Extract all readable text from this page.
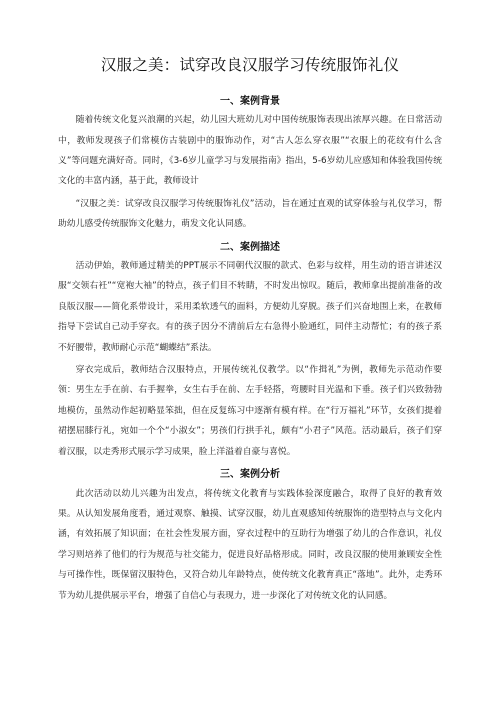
汉服之美：试穿改良汉服学习传统服饰礼仪
一、案例背景

随着传统文化复兴浪潮的兴起，幼儿园大班幼儿对中国传统服饰表现出浓厚兴趣。在日常活动中，教师发现孩子们常模仿古装剧中的服饰动作，对“古人怎么穿衣服”“衣服上的花纹有什么含义”等问题充满好奇。同时，《3-6岁儿童学习与发展指南》指出，5-6岁幼儿应感知和体验我国传统文化的丰富内涵，基于此，教师设计

“汉服之美：试穿改良汉服学习传统服饰礼仪”活动，旨在通过直观的试穿体验与礼仪学习，帮助幼儿感受传统服饰文化魅力，萌发文化认同感。

二、案例描述

活动伊始，教师通过精美的PPT展示不同朝代汉服的款式、色彩与纹样，用生动的语言讲述汉服“交领右衽”“宽袍大袖”的特点，孩子们目不转睛，不时发出惊叹。随后，教师拿出提前准备的改良版汉服——简化系带设计，采用柔软透气的面料，方便幼儿穿脱。孩子们兴奋地围上来，在教师指导下尝试自己动手穿衣。有的孩子因分不清前后左右急得小脸通红，同伴主动帮忙；有的孩子系不好腰带，教师耐心示范“蝴蝶结”系法。

穿衣完成后，教师结合汉服特点，开展传统礼仪教学。以“作揖礼”为例，教师先示范动作要领：男生左手在前、右手握拳，女生右手在前、左手轻搭，弯腰时目光温和下垂。孩子们兴致勃勃地模仿，虽然动作起初略显笨拙，但在反复练习中逐渐有模有样。在“行万福礼”环节，女孩们提着裙摆屈膝行礼，宛如一个个“小淑女”；男孩们行拱手礼，颇有“小君子”风范。活动最后，孩子们穿着汉服，以走秀形式展示学习成果，脸上洋溢着自豪与喜悦。

三、案例分析

此次活动以幼儿兴趣为出发点，将传统文化教育与实践体验深度融合，取得了良好的教育效果。从认知发展角度看，通过观察、触摸、试穿汉服，幼儿直观感知传统服饰的造型特点与文化内涵，有效拓展了知识面；在社会性发展方面，穿衣过程中的互助行为增强了幼儿的合作意识，礼仪学习则培养了他们的行为规范与社交能力，促进良好品格形成。同时，改良汉服的使用兼顾安全性与可操作性，既保留汉服特色，又符合幼儿年龄特点，使传统文化教育真正“落地”。此外，走秀环节为幼儿提供展示平台，增强了自信心与表现力，进一步深化了对传统文化的认同感。
